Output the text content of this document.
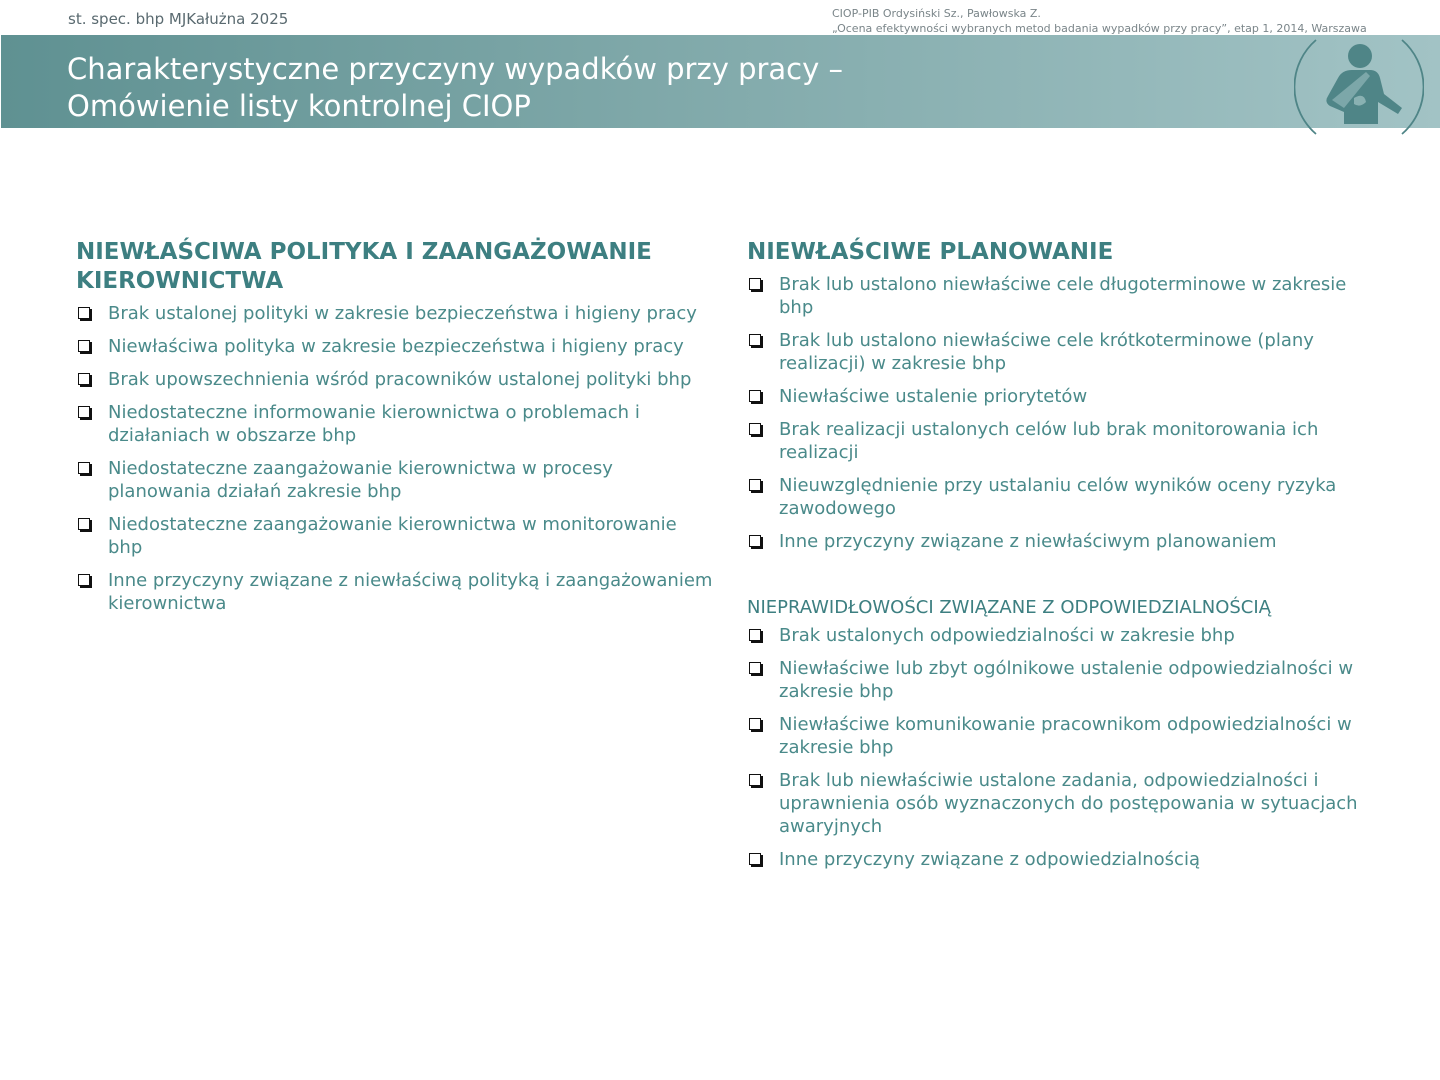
st. spec. bhp MJKałużna 2025	CIOP-PIB Ordysiński Sz., Pawłowska Z.
„Ocena efektywności wybranych metod badania wypadków przy pracy”, etap 1, 2014, Warszawa
Charakterystyczne przyczyny wypadków przy pracy –
Omówienie listy kontrolnej CIOP
NIEWŁAŚCIWA POLITYKA I ZAANGAŻOWANIE KIEROWNICTWA
Brak ustalonej polityki w zakresie bezpieczeństwa i higieny pracy
Niewłaściwa polityka w zakresie bezpieczeństwa i higieny pracy
Brak upowszechnienia wśród pracowników ustalonej polityki bhp
Niedostateczne informowanie kierownictwa o problemach i działaniach w obszarze bhp
Niedostateczne zaangażowanie kierownictwa w procesy planowania działań zakresie bhp
Niedostateczne zaangażowanie kierownictwa w monitorowanie bhp
Inne przyczyny związane z niewłaściwą polityką i zaangażowaniem kierownictwa
NIEWŁAŚCIWE PLANOWANIE
Brak lub ustalono niewłaściwe cele długoterminowe w zakresie bhp
Brak lub ustalono niewłaściwe cele krótkoterminowe (plany realizacji) w zakresie bhp
Niewłaściwe ustalenie priorytetów
Brak realizacji ustalonych celów lub brak monitorowania ich realizacji
Nieuwzględnienie przy ustalaniu celów wyników oceny ryzyka zawodowego
Inne przyczyny związane z niewłaściwym planowaniem
NIEPRAWIDŁOWOŚCI ZWIĄZANE Z ODPOWIEDZIALNOŚCIĄ
Brak ustalonych odpowiedzialności w zakresie bhp
Niewłaściwe lub zbyt ogólnikowe ustalenie odpowiedzialności w zakresie bhp
Niewłaściwe komunikowanie pracownikom odpowiedzialności w zakresie bhp
Brak lub niewłaściwie ustalone zadania, odpowiedzialności i uprawnienia osób wyznaczonych do postępowania w sytuacjach awaryjnych
Inne przyczyny związane z odpowiedzialnością
